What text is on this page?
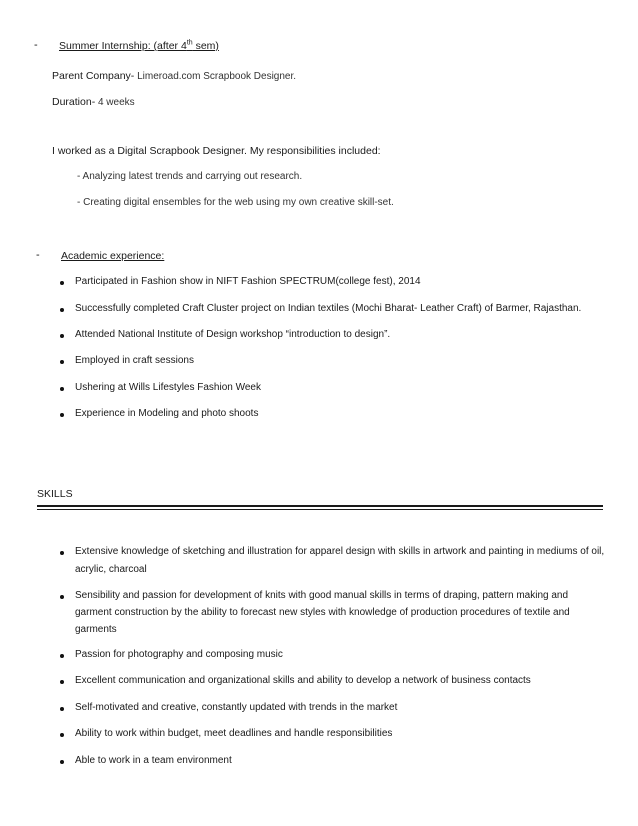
- Summer Internship: (after 4th sem)
Parent Company- Limeroad.com Scrapbook Designer.
Duration- 4 weeks
I worked as a Digital Scrapbook Designer. My responsibilities included:
- Analyzing latest trends and carrying out research.
- Creating digital ensembles for the web using my own creative skill-set.
- Academic experience:
Participated in Fashion show in NIFT Fashion SPECTRUM(college fest), 2014
Successfully completed Craft Cluster project on Indian textiles (Mochi Bharat- Leather Craft) of Barmer, Rajasthan.
Attended National Institute of Design workshop “introduction to design”.
Employed in craft sessions
Ushering at Wills Lifestyles Fashion Week
Experience in Modeling and photo shoots
SKILLS
Extensive knowledge of sketching and illustration for apparel design with skills in artwork and painting in mediums of oil,
acrylic, charcoal
Sensibility and passion for development of knits with good manual skills in terms of draping, pattern making and
garment construction by the ability to forecast new styles with knowledge of production procedures of textile and
garments
Passion for photography and composing music
Excellent communication and organizational skills and ability to develop a network of business contacts
Self-motivated and creative, constantly updated with trends in the market
Ability to work within budget, meet deadlines and handle responsibilities
Able to work in a team environment
